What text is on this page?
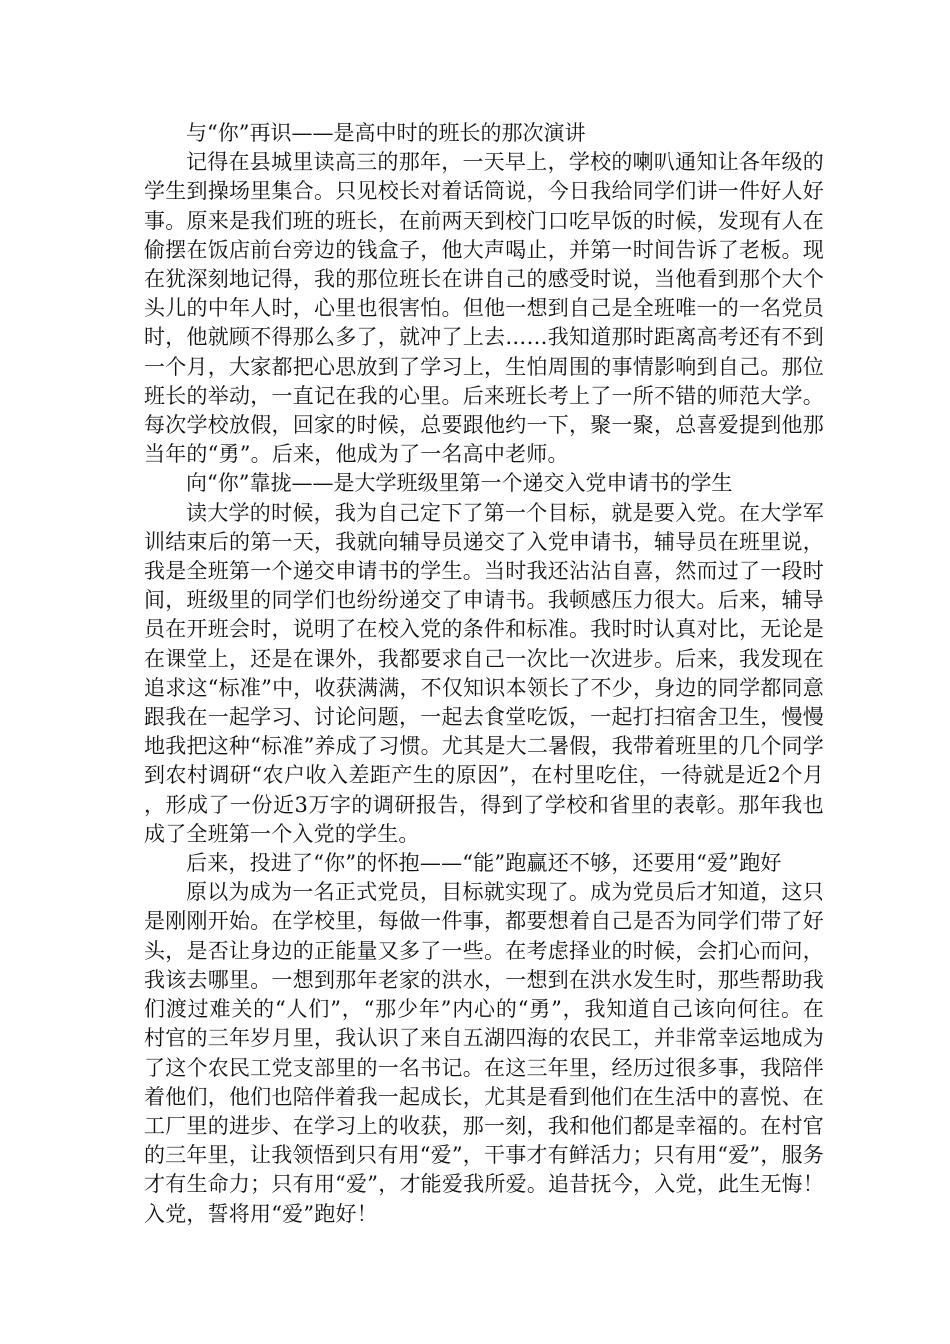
与“你”再识——是高中时的班长的那次演讲

记得在县城里读高三的那年，一天早上，学校的喇叭通知让各年级的学生到操场里集合。只见校长对着话筒说，今日我给同学们讲一件好人好事。原来是我们班的班长，在前两天到校门口吃早饭的时候，发现有人在偷摆在饭店前台旁边的钱盒子，他大声喝止，并第一时间告诉了老板。现在犹深刻地记得，我的那位班长在讲自己的感受时说，当他看到那个大个头儿的中年人时，心里也很害怕。但他一想到自己是全班唯一的一名党员时，他就顾不得那么多了，就冲了上去……我知道那时距离高考还有不到一个月，大家都把心思放到了学习上，生怕周围的事情影响到自己。那位班长的举动，一直记在我的心里。后来班长考上了一所不错的师范大学。每次学校放假，回家的时候，总要跟他约一下，聚一聚，总喜爱提到他那当年的“勇”。后来，他成为了一名高中老师。

向“你”靠拢——是大学班级里第一个递交入党申请书的学生

读大学的时候，我为自己定下了第一个目标，就是要入党。在大学军训结束后的第一天，我就向辅导员递交了入党申请书，辅导员在班里说，我是全班第一个递交申请书的学生。当时我还沾沾自喜，然而过了一段时间，班级里的同学们也纷纷递交了申请书。我顿感压力很大。后来，辅导员在开班会时，说明了在校入党的条件和标准。我时时认真对比，无论是在课堂上，还是在课外，我都要求自己一次比一次进步。后来，我发现在追求这“标准”中，收获满满，不仅知识本领长了不少，身边的同学都同意跟我在一起学习、讨论问题，一起去食堂吃饭，一起打扫宿舍卫生，慢慢地我把这种“标准”养成了习惯。尤其是大二暑假，我带着班里的几个同学到农村调研“农户收入差距产生的原因”，在村里吃住，一待就是近2个月，形成了一份近3万字的调研报告，得到了学校和省里的表彰。那年我也成了全班第一个入党的学生。

后来，投进了“你”的怀抱——“能”跑赢还不够，还要用“爱”跑好

原以为成为一名正式党员，目标就实现了。成为党员后才知道，这只是刚刚开始。在学校里，每做一件事，都要想着自己是否为同学们带了好头，是否让身边的正能量又多了一些。在考虑择业的时候，会扪心而问，我该去哪里。一想到那年老家的洪水，一想到在洪水发生时，那些帮助我们渡过难关的“人们”，“那少年”内心的“勇”，我知道自己该向何往。在村官的三年岁月里，我认识了来自五湖四海的农民工，并非常幸运地成为了这个农民工党支部里的一名书记。在这三年里，经历过很多事，我陪伴着他们，他们也陪伴着我一起成长，尤其是看到他们在生活中的喜悦、在工厂里的进步、在学习上的收获，那一刻，我和他们都是幸福的。在村官的三年里，让我领悟到只有用“爱”，干事才有鲜活力；只有用“爱”，服务才有生命力；只有用“爱”，才能爱我所爱。追昔抚今，入党，此生无悔！入党，誓将用“爱”跑好！
